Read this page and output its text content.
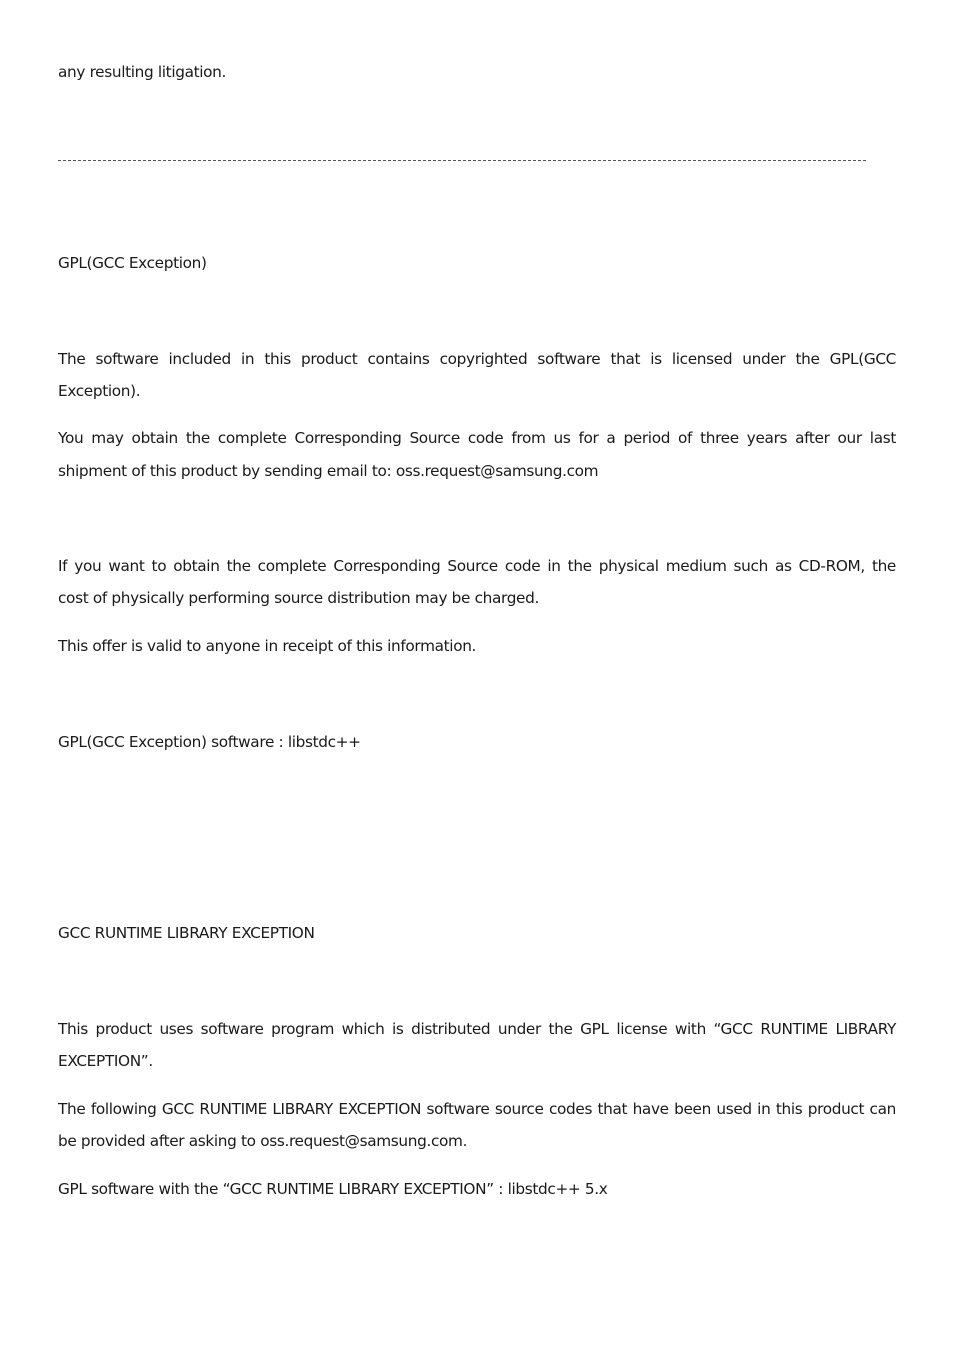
any resulting litigation.
GPL(GCC Exception)
The software included in this product contains copyrighted software that is licensed under the GPL(GCC
Exception).
You may obtain the complete Corresponding Source code from us for a period of three years after our last
shipment of this product by sending email to: oss.request@samsung.com
If you want to obtain the complete Corresponding Source code in the physical medium such as CD-ROM, the
cost of physically performing source distribution may be charged.
This offer is valid to anyone in receipt of this information.
GPL(GCC Exception) software : libstdc++
GCC RUNTIME LIBRARY EXCEPTION
This product uses software program which is distributed under the GPL license with “GCC RUNTIME LIBRARY
EXCEPTION”.
The following GCC RUNTIME LIBRARY EXCEPTION software source codes that have been used in this product can
be provided after asking to oss.request@samsung.com.
GPL software with the “GCC RUNTIME LIBRARY EXCEPTION” : libstdc++ 5.x
